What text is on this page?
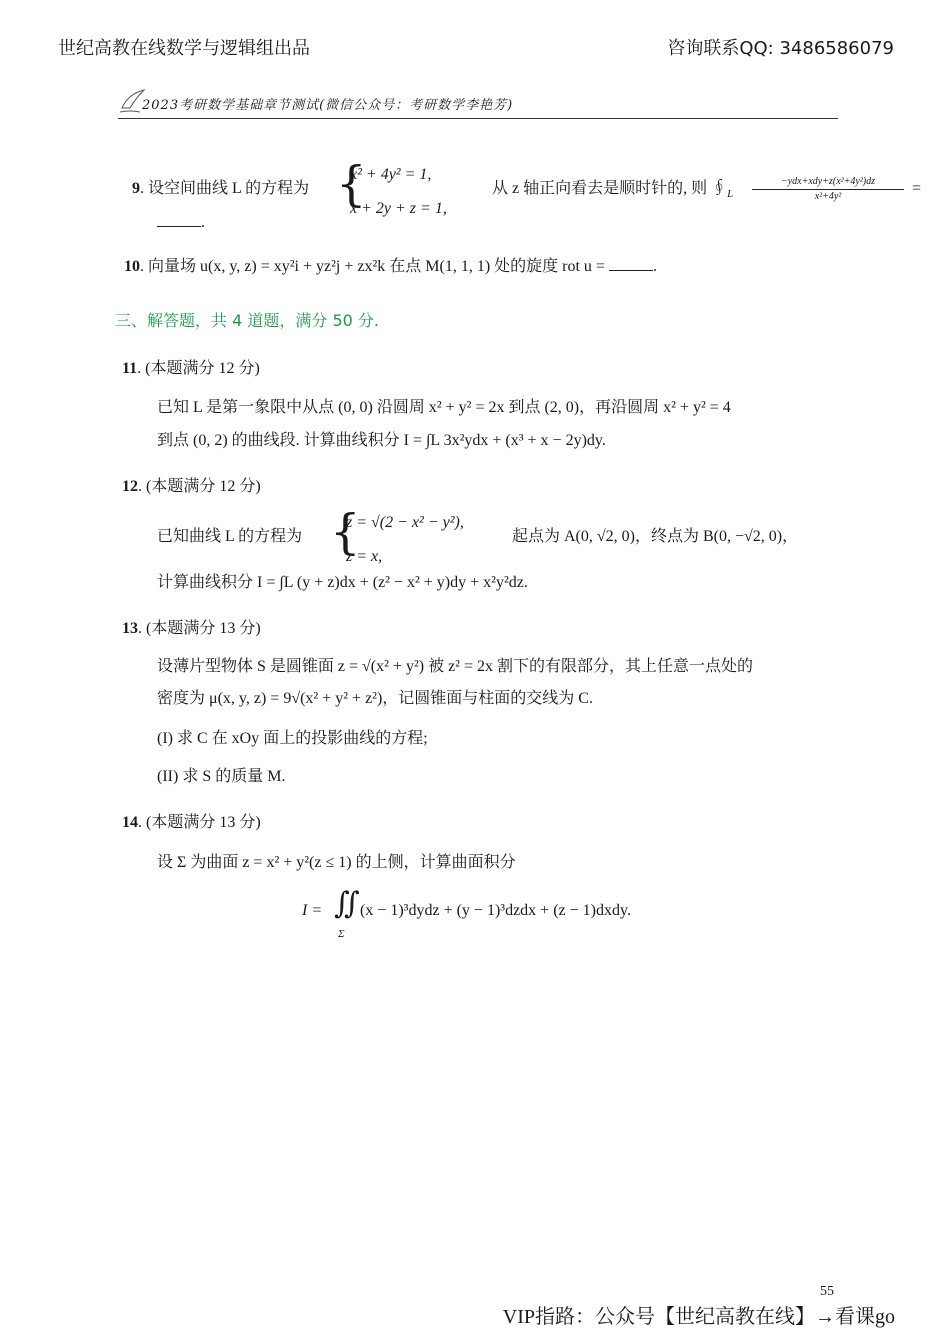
世纪高教在线数学与逻辑组出品	咨询联系QQ: 3486586079
2023考研数学基础章节测试(微信公众号：考研数学李艳芳)
9. 设空间曲线 L 的方程为 {
x² + 4y² = 1,
x + 2y + z = 1,
从 z 轴正向看去是顺时针的, 则 $∮_L$
−ydx+xdy+z(x²+4y²)dz
x²+4y²	=
.
10. 向量场 u(x, y, z) = xy²i + yz²j + zx²k 在点 M(1, 1, 1) 处的旋度 rot u =	.
三、解答题，共 4 道题，满分 50 分.
11. (本题满分 12 分)
已知 L 是第一象限中从点 (0, 0) 沿圆周 x² + y² = 2x 到点 (2, 0)，再沿圆周 x² + y² = 4
到点 (0, 2) 的曲线段. 计算曲线积分 I = ∫L 3x²ydx + (x³ + x − 2y)dy.
12. (本题满分 12 分)
已知曲线 L 的方程为 {
z = √(2 − x² − y²),
z = x,
起点为 A(0, √2, 0)，终点为 B(0, −√2, 0)，
计算曲线积分 I = ∫L (y + z)dx + (z² − x² + y)dy + x²y²dz.
13. (本题满分 13 分)
设薄片型物体 S 是圆锥面 z = √(x² + y²) 被 z² = 2x 割下的有限部分，其上任意一点处的
密度为 μ(x, y, z) = 9√(x² + y² + z²)，记圆锥面与柱面的交线为 C.
(I) 求 C 在 xOy 面上的投影曲线的方程;
(II) 求 S 的质量 M.
14. (本题满分 13 分)
设 Σ 为曲面 z = x² + y²(z ≤ 1) 的上侧，计算曲面积分
I = ∬
Σ
(x − 1)³dydz + (y − 1)³dzdx + (z − 1)dxdy.
55
VIP指路：公众号【世纪高教在线】→看课go
